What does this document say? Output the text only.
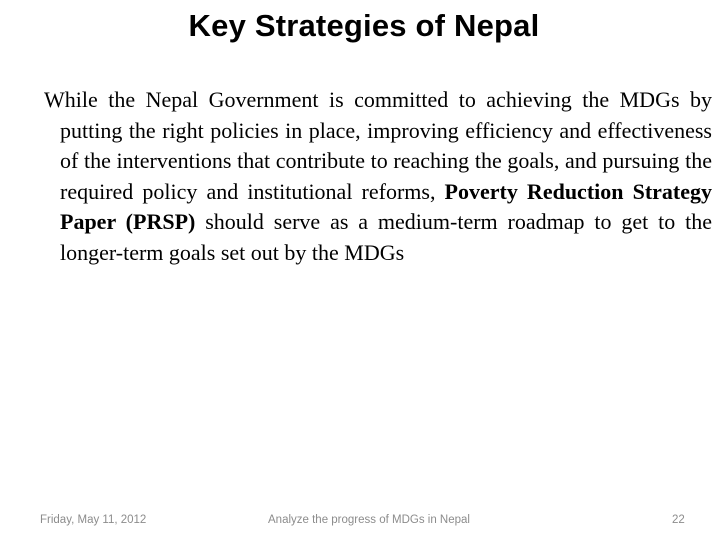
Key Strategies of Nepal

While the Nepal Government is committed to achieving the MDGs by putting the right policies in place, improving efficiency and effectiveness of the interventions that contribute to reaching the goals, and pursuing the required policy and institutional reforms, Poverty Reduction Strategy Paper (PRSP) should serve as a medium-term roadmap to get to the longer-term goals set out by the MDGs

Friday, May 11, 2012	Analyze the progress of MDGs in Nepal	22
